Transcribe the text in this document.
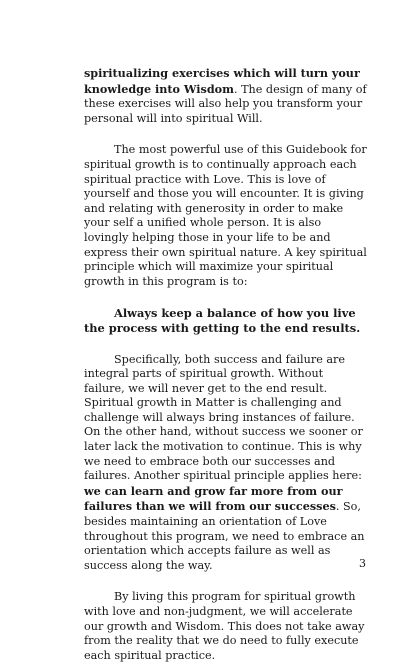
spiritualizing exercises which will turn your knowledge into Wisdom. The design of many of these exercises will also help you transform your personal will into spiritual Will.

The most powerful use of this Guidebook for spiritual growth is to continually approach each spiritual practice with Love. This is love of yourself and those you will encounter. It is giving and relating with generosity in order to make your self a unified whole person. It is also lovingly helping those in your life to be and express their own spiritual nature. A key spiritual principle which will maximize your spiritual growth in this program is to:

Always keep a balance of how you live the process with getting to the end results.

Specifically, both success and failure are integral parts of spiritual growth. Without failure, we will never get to the end result. Spiritual growth in Matter is challenging and challenge will always bring instances of failure. On the other hand, without success we sooner or later lack the motivation to continue. This is why we need to embrace both our successes and failures. Another spiritual principle applies here: we can learn and grow far more from our failures than we will from our successes. So, besides maintaining an orientation of Love throughout this program, we need to embrace an orientation which accepts failure as well as success along the way.

By living this program for spiritual growth with love and non-judgment, we will accelerate our growth and Wisdom. This does not take away from the reality that we do need to fully execute each spiritual practice.

3
